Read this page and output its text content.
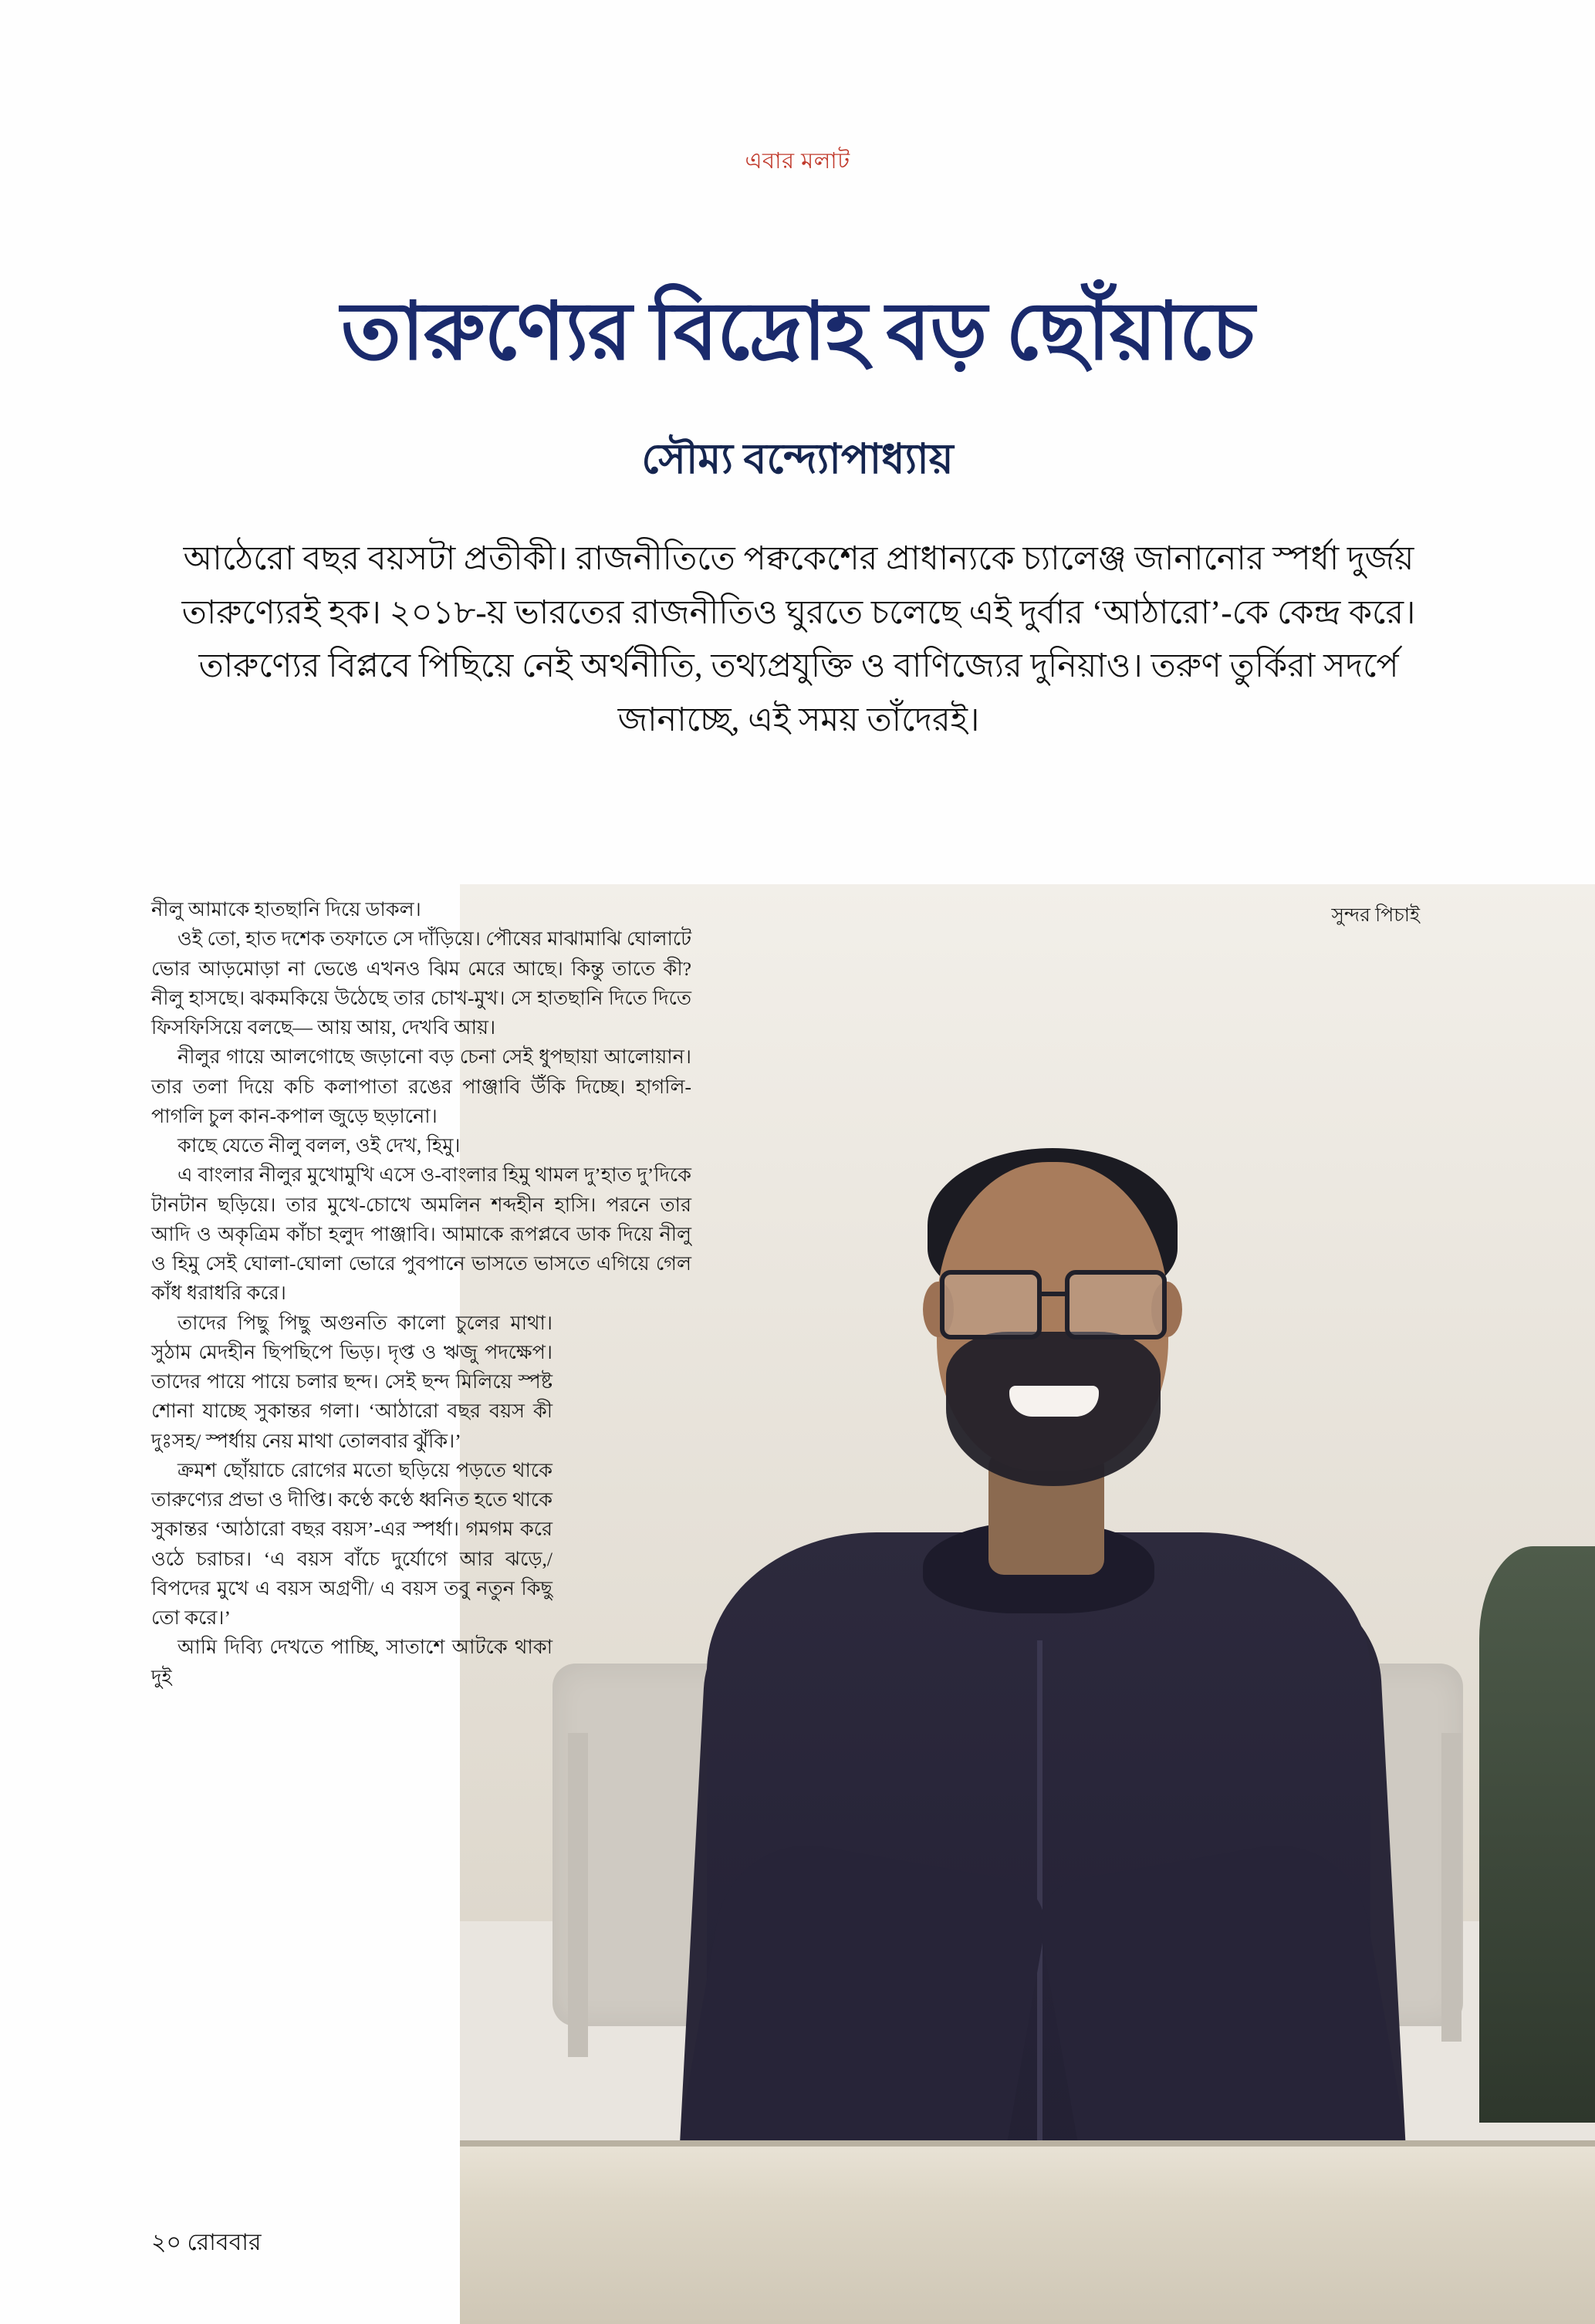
এবার মলাট
তারুণ্যের বিদ্রোহ বড় ছোঁয়াচে
সৌম্য বন্দ্যোপাধ্যায়
আঠেরো বছর বয়সটা প্রতীকী। রাজনীতিতে পক্বকেশের প্রাধান্যকে চ্যালেঞ্জ জানানোর স্পর্ধা দুর্জয় তারুণ্যেরই হক। ২০১৮-য় ভারতের রাজনীতিও ঘুরতে চলেছে এই দুর্বার ‘আঠারো’-কে কেন্দ্র করে। তারুণ্যের বিপ্লবে পিছিয়ে নেই অর্থনীতি, তথ্যপ্রযুক্তি ও বাণিজ্যের দুনিয়াও। তরুণ তুর্কিরা সদর্পে জানাচ্ছে, এই সময় তাঁদেরই।
সুন্দর পিচাই

নীলু আমাকে হাতছানি দিয়ে ডাকল।

ওই তো, হাত দশেক তফাতে সে দাঁড়িয়ে। পৌষের মাঝামাঝি ঘোলাটে ভোর আড়মোড়া না ভেঙে এখনও ঝিম মেরে আছে। কিন্তু তাতে কী? নীলু হাসছে। ঝকমকিয়ে উঠেছে তার চোখ-মুখ। সে হাতছানি দিতে দিতে ফিসফিসিয়ে বলছে— আয় আয়, দেখবি আয়।

নীলুর গায়ে আলগোছে জড়ানো বড় চেনা সেই ধুপছায়া আলোয়ান। তার তলা দিয়ে কচি কলাপাতা রঙের পাঞ্জাবি উঁকি দিচ্ছে। হাগলি-পাগলি চুল কান-কপাল জুড়ে ছড়ানো।

কাছে যেতে নীলু বলল, ওই দেখ, হিমু।

এ বাংলার নীলুর মুখোমুখি এসে ও-বাংলার হিমু থামল দু’হাত দু’দিকে টানটান ছড়িয়ে। তার মুখে-চোখে অমলিন শব্দহীন হাসি। পরনে তার আদি ও অকৃত্রিম কাঁচা হলুদ পাঞ্জাবি। আমাকে রূপপ্লবে ডাক দিয়ে নীলু ও হিমু সেই ঘোলা-ঘোলা ভোরে পুবপানে ভাসতে ভাসতে এগিয়ে গেল কাঁধ ধরাধরি করে।

তাদের পিছু পিছু অগুনতি কালো চুলের মাথা। সুঠাম মেদহীন ছিপছিপে ভিড়। দৃপ্ত ও ঋজু পদক্ষেপ। তাদের পায়ে পায়ে চলার ছন্দ। সেই ছন্দ মিলিয়ে স্পষ্ট শোনা যাচ্ছে সুকান্তর গলা। ‘আঠারো বছর বয়স কী দুঃসহ/ স্পর্ধায় নেয় মাথা তোলবার ঝুঁকি।’

ক্রমশ ছোঁয়াচে রোগের মতো ছড়িয়ে পড়তে থাকে তারুণ্যের প্রভা ও দীপ্তি। কণ্ঠে কণ্ঠে ধ্বনিত হতে থাকে সুকান্তর ‘আঠারো বছর বয়স’-এর স্পর্ধা। গমগম করে ওঠে চরাচর। ‘এ বয়স বাঁচে দুর্যোগে আর ঝড়ে,/ বিপদের মুখে এ বয়স অগ্রণী/ এ বয়স তবু নতুন কিছু তো করে।’

আমি দিব্যি দেখতে পাচ্ছি, সাতাশে আটকে থাকা দুই

২০ রোববার
